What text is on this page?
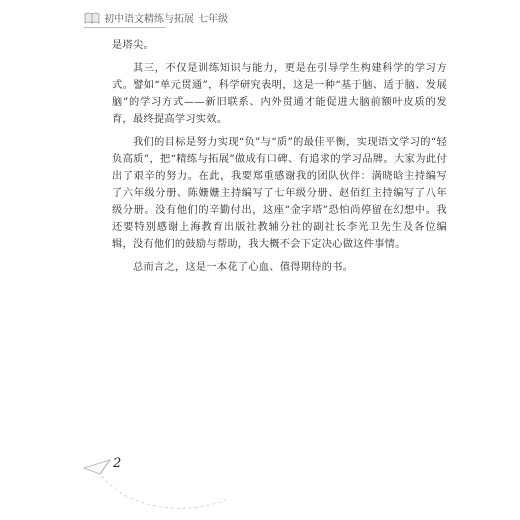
初中语文精练与拓展 七年级

是塔尖。

其三，不仅是训练知识与能力，更是在引导学生构建科学的学习方式。譬如“单元贯通”，科学研究表明，这是一种“基于脑、适于脑、发展脑”的学习方式——新旧联系、内外贯通才能促进大脑前额叶皮质的发育，最终提高学习实效。

我们的目标是努力实现“负”与“质”的最佳平衡，实现语文学习的“轻负高质”，把“精练与拓展”做成有口碑、有追求的学习品牌。大家为此付出了艰辛的努力。在此，我要郑重感谢我的团队伙伴：满晓晗主持编写了六年级分册、陈姗姗主持编写了七年级分册、赵佰红主持编写了八年级分册。没有他们的辛勤付出，这座“金字塔”恐怕尚停留在幻想中。我还要特别感谢上海教育出版社教辅分社的副社长李光卫先生及各位编辑，没有他们的鼓励与帮助，我大概不会下定决心做这件事情。

总而言之，这是一本花了心血、值得期待的书。

2
